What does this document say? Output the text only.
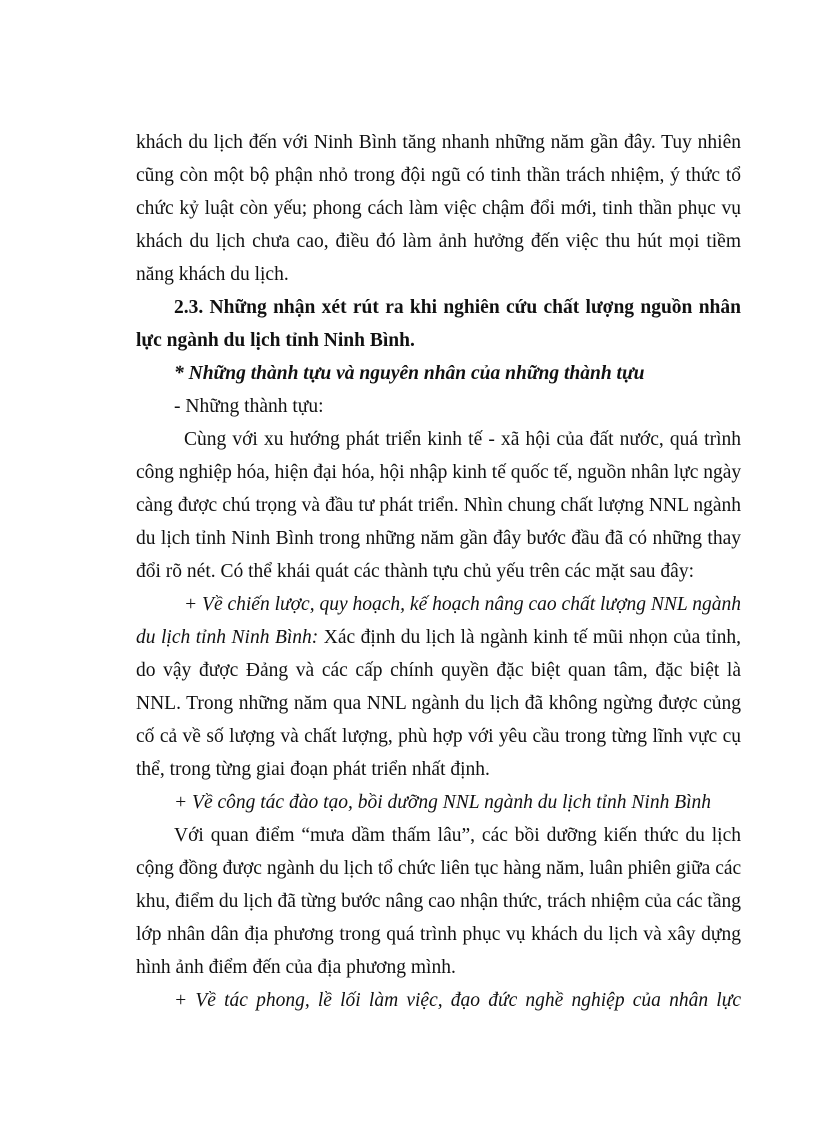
khách du lịch đến với Ninh Bình tăng nhanh những năm gần đây. Tuy nhiên
cũng còn một bộ phận nhỏ trong đội ngũ có tinh thần trách nhiệm, ý thức tổ
chức kỷ luật còn yếu; phong cách làm việc chậm đổi mới, tinh thần phục vụ
khách du lịch chưa cao, điều đó làm ảnh hưởng đến việc thu hút mọi tiềm
năng khách du lịch.
2.3. Những nhận xét rút ra khi nghiên cứu chất lượng nguồn nhân
lực ngành du lịch tỉnh Ninh Bình.
* Những thành tựu và nguyên nhân của những thành tựu
- Những thành tựu:
Cùng với xu hướng phát triển kinh tế - xã hội của đất nước, quá trình
công nghiệp hóa, hiện đại hóa, hội nhập kinh tế quốc tế, nguồn nhân lực ngày
càng được chú trọng và đầu tư phát triển. Nhìn chung chất lượng NNL ngành
du lịch tỉnh Ninh Bình trong những năm gần đây bước đầu đã có những thay
đổi rõ nét. Có thể khái quát các thành tựu chủ yếu trên các mặt sau đây:
+ Về chiến lược, quy hoạch, kế hoạch nâng cao chất lượng NNL ngành
du lịch tỉnh Ninh Bình: Xác định du lịch là ngành kinh tế mũi nhọn của tỉnh,
do vậy được Đảng và các cấp chính quyền đặc biệt quan tâm, đặc biệt là
NNL. Trong những năm qua NNL ngành du lịch đã không ngừng được củng
cố cả về số lượng và chất lượng, phù hợp với yêu cầu trong từng lĩnh vực cụ
thể, trong từng giai đoạn phát triển nhất định.
+ Về công tác đào tạo, bồi dưỡng NNL ngành du lịch tỉnh Ninh Bình
Với quan điểm “mưa dầm thấm lâu”, các bồi dưỡng kiến thức du lịch
cộng đồng được ngành du lịch tổ chức liên tục hàng năm, luân phiên giữa các
khu, điểm du lịch đã từng bước nâng cao nhận thức, trách nhiệm của các tầng
lớp nhân dân địa phương trong quá trình phục vụ khách du lịch và xây dựng
hình ảnh điểm đến của địa phương mình.
+ Về tác phong, lề lối làm việc, đạo đức nghề nghiệp của nhân lực
